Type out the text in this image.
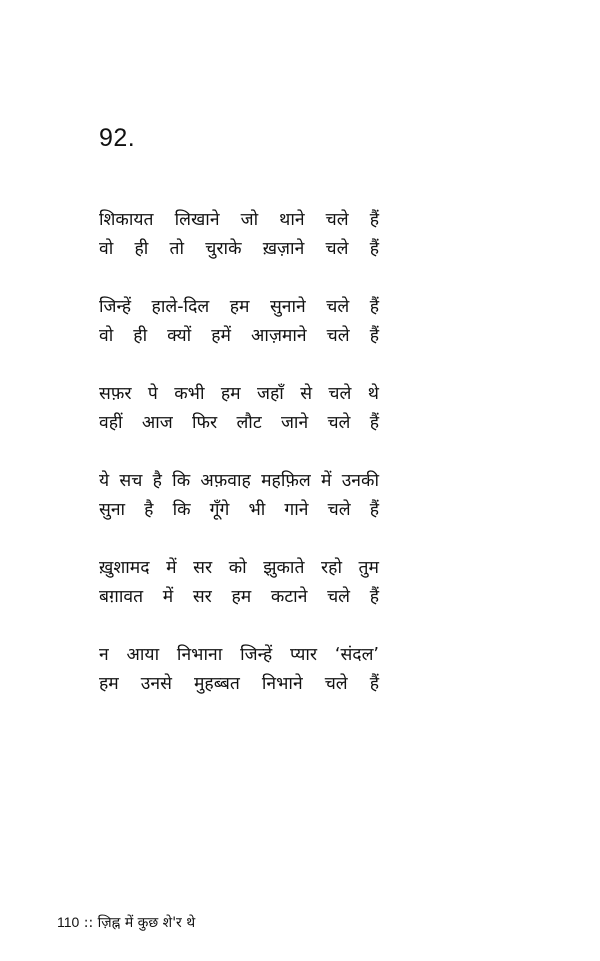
92.
शिकायत लिखाने जो थाने चले हैं
वो ही तो चुराके ख़ज़ाने चले हैं
जिन्हें हाले-दिल हम सुनाने चले हैं
वो ही क्यों हमें आज़माने चले हैं
सफ़र पे कभी हम जहाँ से चले थे
वहीं आज फिर लौट जाने चले हैं
ये सच है कि अफ़वाह महफ़िल में उनकी
सुना है कि गूँगे भी गाने चले हैं
ख़ुशामद में सर को झुकाते रहो तुम
बग़ावत में सर हम कटाने चले हैं
न आया निभाना जिन्हें प्यार ‘संदल’
हम उनसे मुहब्बत निभाने चले हैं
110 :: ज़िह्न में कुछ शे'र थे
